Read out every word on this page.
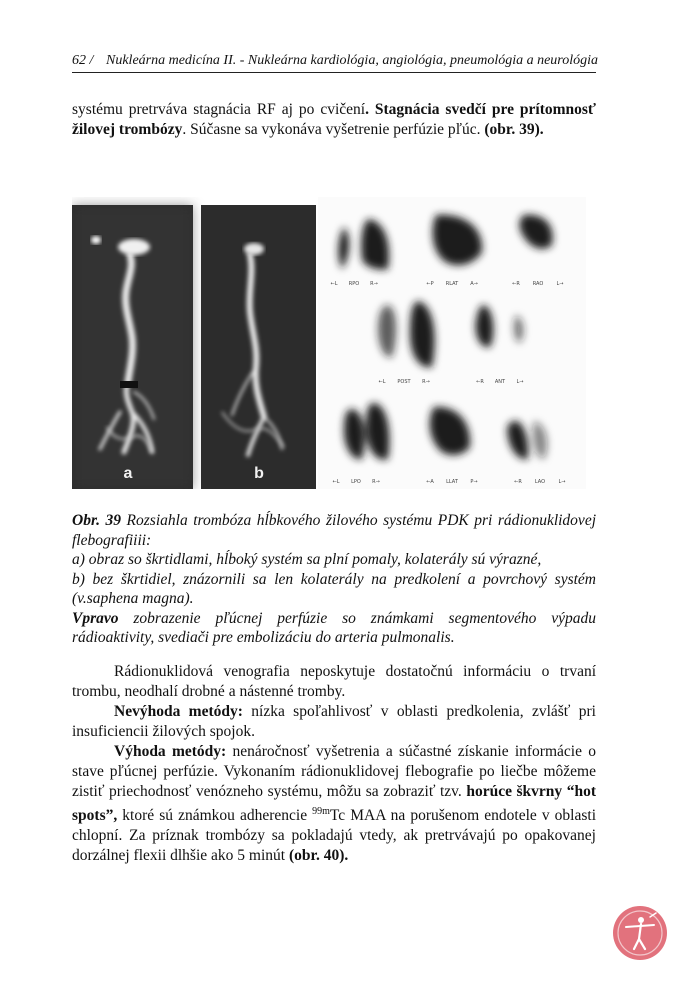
62 / Nukleárna medicína II. - Nukleárna kardiológia, angiológia, pneumológia a neurológia

systému pretrváva stagnácia RF aj po cvičení. Stagnácia svedčí pre prítomnosť žilovej trombózy. Súčasne sa vykonáva vyšetrenie perfúzie pľúc. (obr. 39).

a	b
←L RPO R→	←P RLAT A→	←R	RAO	L→
←L POST R→	←R ANT L→
←L LPO R→	←A LLAT	P→	←R	LAO	L→

Obr. 39 Rozsiahla trombóza hĺbkového žilového systému PDK pri rádionuklidovej flebografiiii:

a) obraz so škrtidlami, hĺboký systém sa plní pomaly, kolaterály sú výrazné,

b) bez škrtidiel, znázornili sa len kolaterály na predkolení a povrchový systém (v.saphena magna).

Vpravo zobrazenie pľúcnej perfúzie so známkami segmentového výpadu rádioaktivity, svediači pre embolizáciu do arteria pulmonalis.

Rádionuklidová venografia neposkytuje dostatočnú informáciu o trvaní trombu, neodhalí drobné a nástenné tromby.

Nevýhoda metódy: nízka spoľahlivosť v oblasti predkolenia, zvlášť pri insuficiencii žilových spojok.

Výhoda metódy: nenáročnosť vyšetrenia a súčastné získanie informácie o stave pľúcnej perfúzie. Vykonaním rádionuklidovej flebografie po liečbe môžeme zistiť priechodnosť venózneho systému, môžu sa zobraziť tzv. horúce škvrny “hot spots”, ktoré sú známkou adherencie $^{99m}$Tc MAA na porušenom endotele v oblasti chlopní. Za príznak trombózy sa pokladajú vtedy, ak pretrvávajú po opakovanej dorzálnej flexii dlhšie ako 5 minút (obr. 40).
